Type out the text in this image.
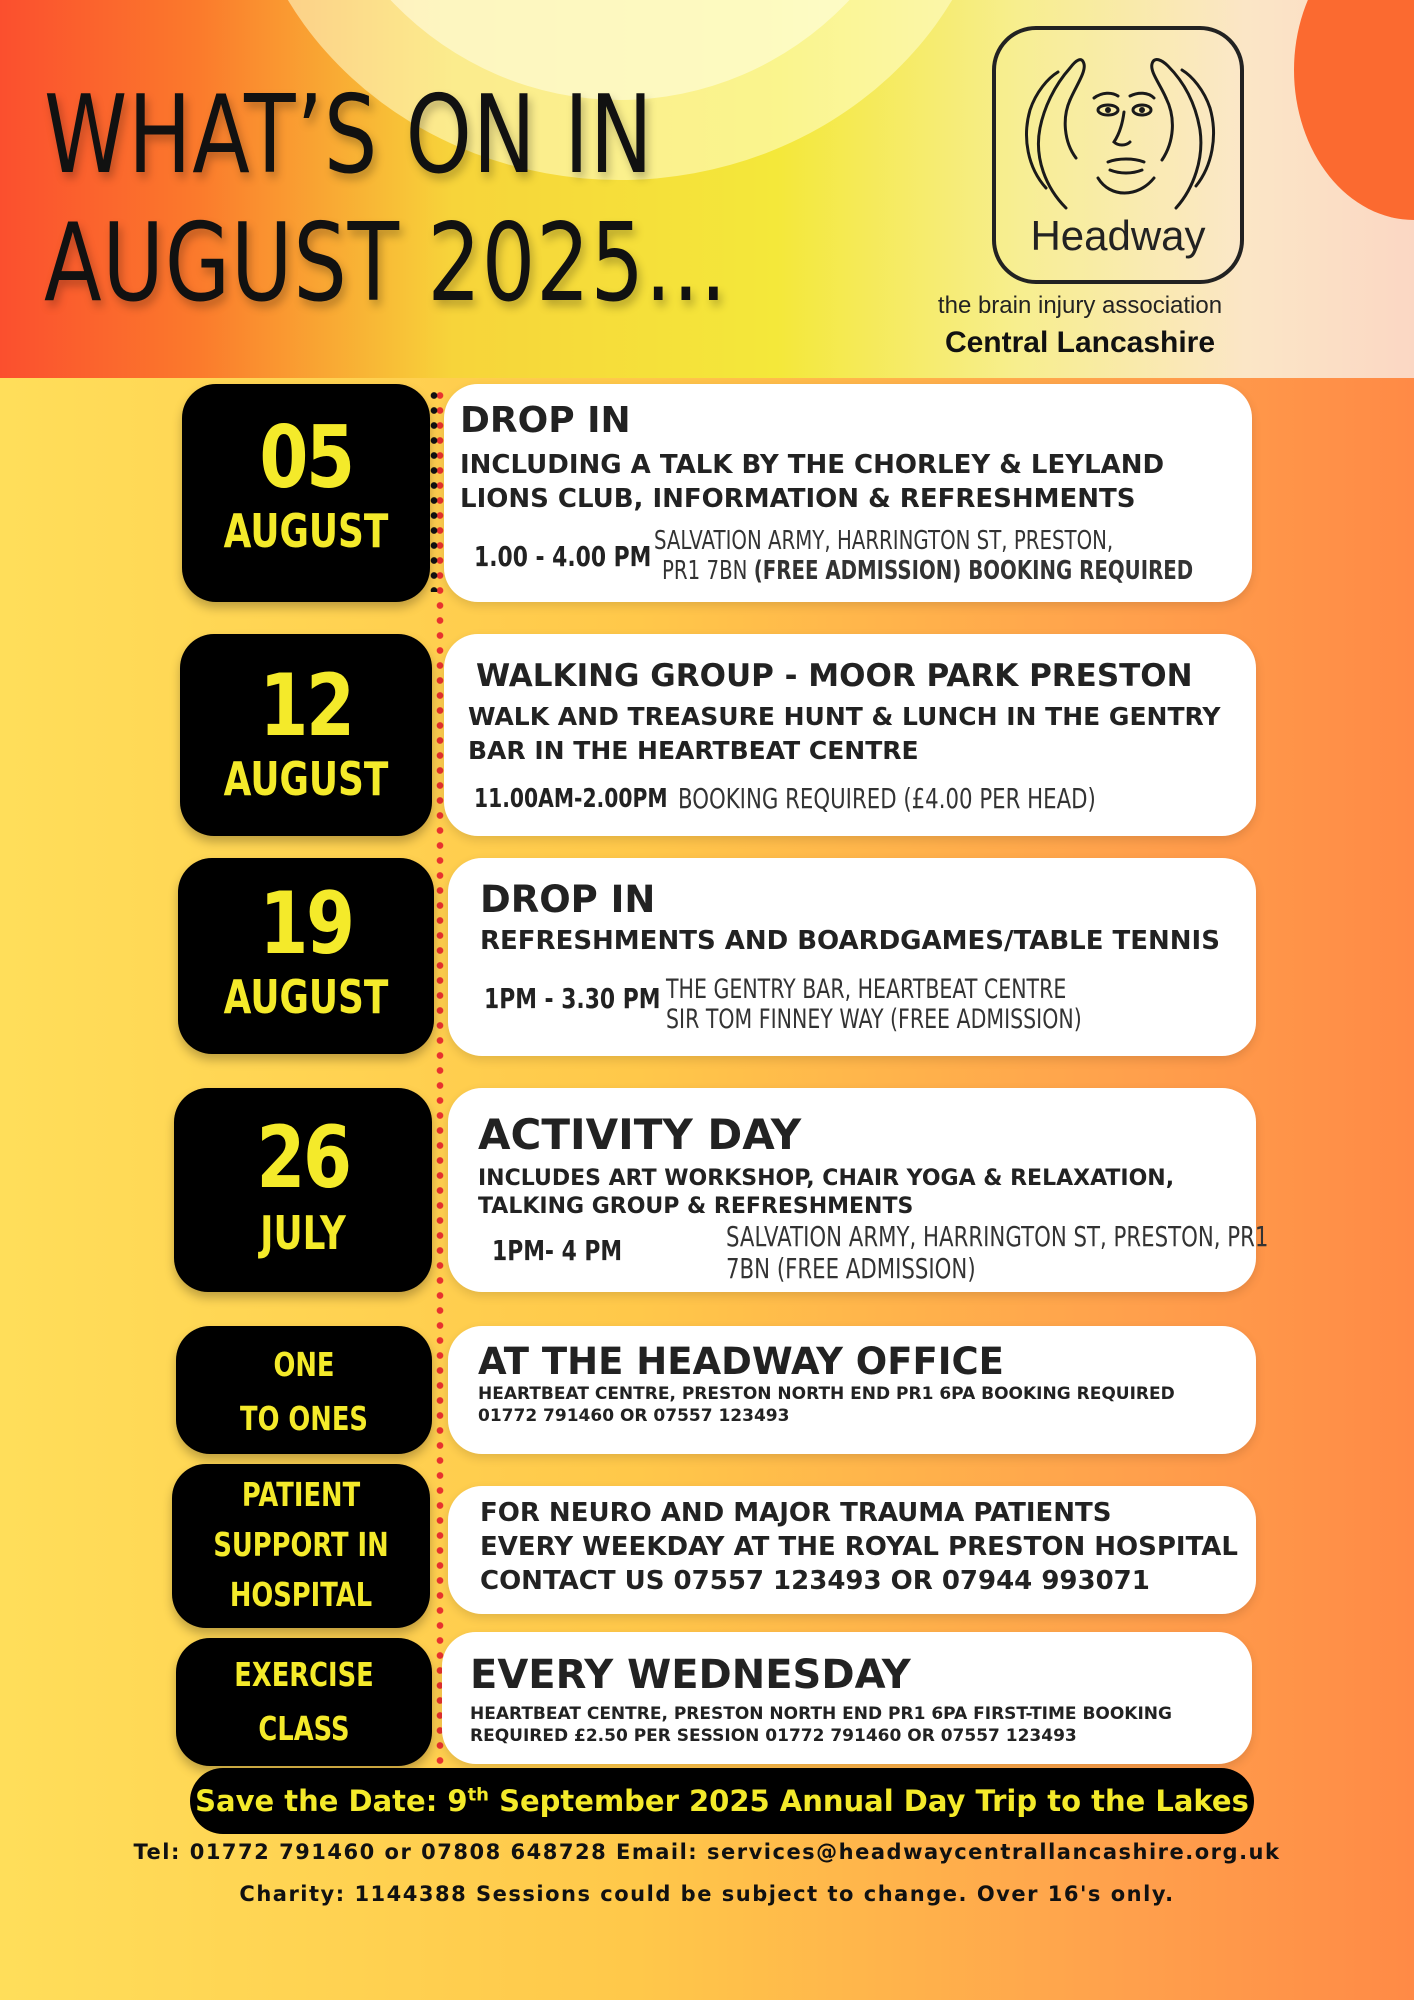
WHAT’S ON IN
AUGUST 2025...	Headway
the brain injury association
Central Lancashire
05
AUGUST
DROP IN
INCLUDING A TALK BY THE CHORLEY & LEYLAND
LIONS CLUB, INFORMATION & REFRESHMENTS
1.00 - 4.00 PM SALVATION ARMY, HARRINGTON ST, PRESTON,
PR1 7BN (FREE ADMISSION) BOOKING REQUIRED
12
AUGUST
WALKING GROUP - MOOR PARK PRESTON
WALK AND TREASURE HUNT & LUNCH IN THE GENTRY
BAR IN THE HEARTBEAT CENTRE
11.00AM-2.00PM BOOKING REQUIRED (£4.00 PER HEAD)
19
AUGUST
DROP IN
REFRESHMENTS AND BOARDGAMES/TABLE TENNIS
1PM - 3.30 PM THE GENTRY BAR, HEARTBEAT CENTRE
SIR TOM FINNEY WAY (FREE ADMISSION)
26
JULY
ACTIVITY DAY
INCLUDES ART WORKSHOP, CHAIR YOGA & RELAXATION,
TALKING GROUP & REFRESHMENTS
1PM- 4 PM	SALVATION ARMY, HARRINGTON ST, PRESTON, PR1
7BN (FREE ADMISSION)
ONE
TO ONES
AT THE HEADWAY OFFICE
HEARTBEAT CENTRE, PRESTON NORTH END PR1 6PA BOOKING REQUIRED
01772 791460 OR 07557 123493
PATIENT
SUPPORT IN
HOSPITAL
FOR NEURO AND MAJOR TRAUMA PATIENTS
EVERY WEEKDAY AT THE ROYAL PRESTON HOSPITAL
CONTACT US 07557 123493 OR 07944 993071
EXERCISE
CLASS
EVERY WEDNESDAY
HEARTBEAT CENTRE, PRESTON NORTH END PR1 6PA FIRST-TIME BOOKING
REQUIRED £2.50 PER SESSION 01772 791460 OR 07557 123493
Save the Date: 9th September 2025 Annual Day Trip to the Lakes
Tel: 01772 791460 or 07808 648728 Email: services@headwaycentrallancashire.org.uk
Charity: 1144388 Sessions could be subject to change. Over 16's only.
